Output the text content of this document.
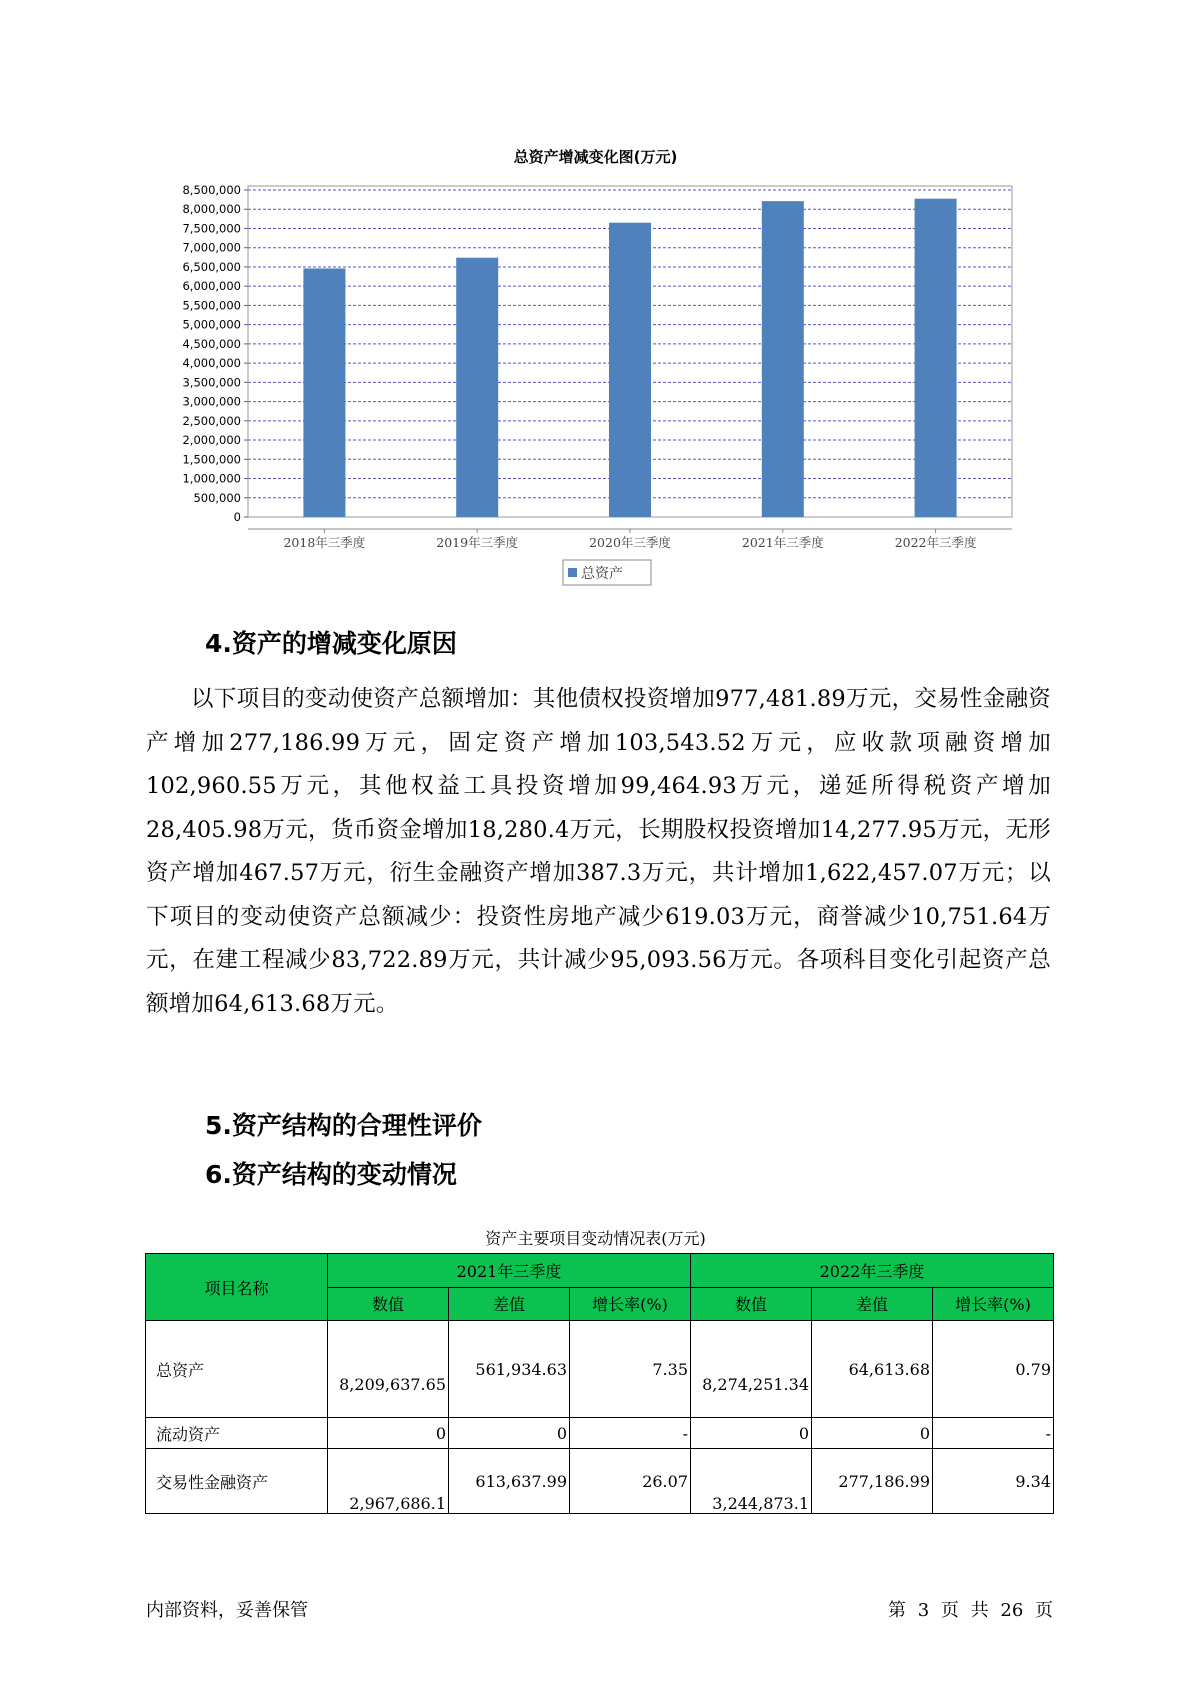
总资产增减变化图(万元)
0
500,000
1,000,000
1,500,000
2,000,000
2,500,000
3,000,000
3,500,000
4,000,000
4,500,000
5,000,000
5,500,000
6,000,000
6,500,000
7,000,000
7,500,000
8,000,000
8,500,000
2018年三季度	2019年三季度	2020年三季度	2021年三季度	2022年三季度
总资产
4.资产的增减变化原因

以下项目的变动使资产总额增加：其他债权投资增加977,481.89万元，交易性金融资产增加277,186.99万元，固定资产增加103,543.52万元，应收款项融资增加102,960.55万元，其他权益工具投资增加99,464.93万元，递延所得税资产增加28,405.98万元，货币资金增加18,280.4万元，长期股权投资增加14,277.95万元，无形资产增加467.57万元，衍生金融资产增加387.3万元，共计增加1,622,457.07万元；以下项目的变动使资产总额减少：投资性房地产减少619.03万元，商誉减少10,751.64万元，在建工程减少83,722.89万元，共计减少95,093.56万元。各项科目变化引起资产总额增加64,613.68万元。

5.资产结构的合理性评价
6.资产结构的变动情况
资产主要项目变动情况表(万元)
项目名称	2021年三季度			2022年三季度		
	数值	差值	增长率(%)	数值	差值	增长率(%)
总资产	8,209,637.65	561,934.63	7.35	8,274,251.34	64,613.68	0.79
流动资产	0	0	-	0	0	-
交易性金融资产	2,967,686.1	613,637.99	26.07	3,244,873.1	277,186.99	9.34
内部资料，妥善保管	第 3 页 共 26 页
